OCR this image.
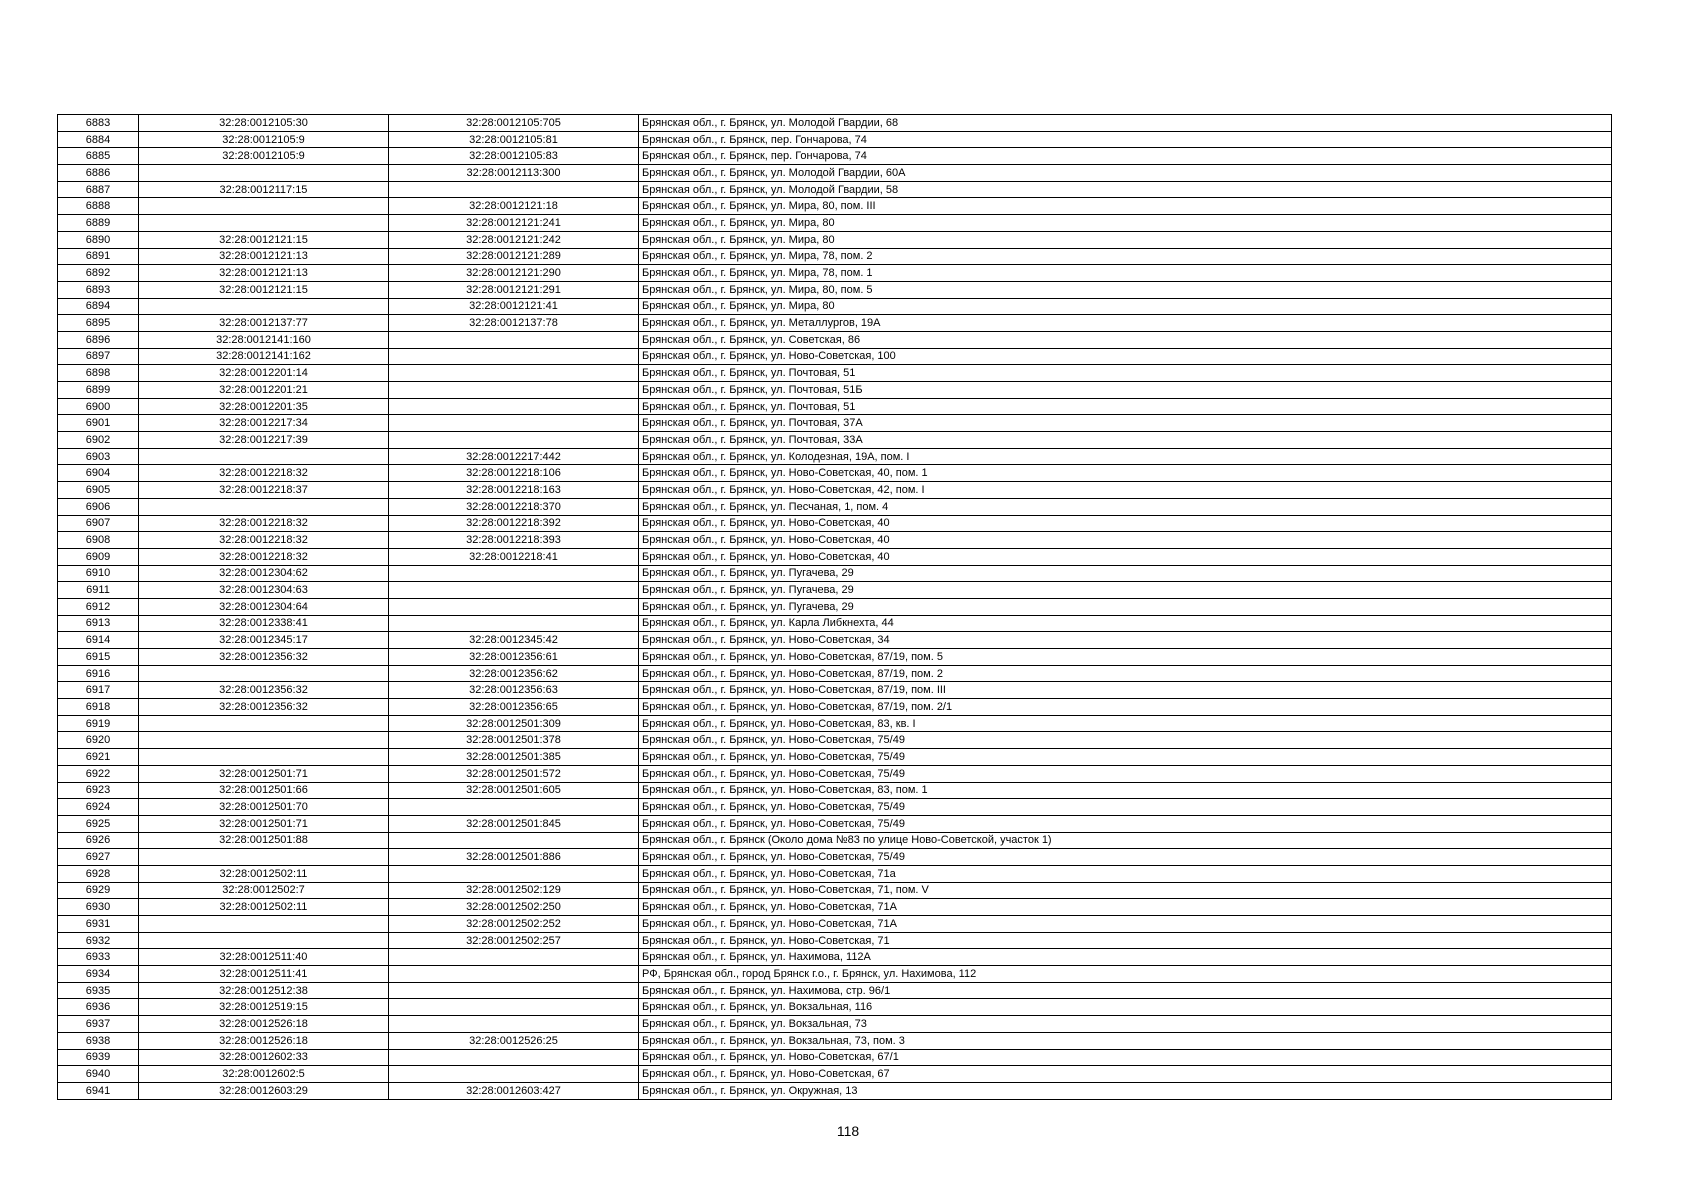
6883	32:28:0012105:30	32:28:0012105:705	Брянская обл., г. Брянск, ул. Молодой Гвардии, 68
6884	32:28:0012105:9	32:28:0012105:81	Брянская обл., г. Брянск, пер. Гончарова, 74
6885	32:28:0012105:9	32:28:0012105:83	Брянская обл., г. Брянск, пер. Гончарова, 74
6886		32:28:0012113:300	Брянская обл., г. Брянск, ул. Молодой Гвардии, 60А
6887	32:28:0012117:15		Брянская обл., г. Брянск, ул. Молодой Гвардии, 58
6888		32:28:0012121:18	Брянская обл., г. Брянск, ул. Мира, 80, пом. III
6889		32:28:0012121:241	Брянская обл., г. Брянск, ул. Мира, 80
6890	32:28:0012121:15	32:28:0012121:242	Брянская обл., г. Брянск, ул. Мира, 80
6891	32:28:0012121:13	32:28:0012121:289	Брянская обл., г. Брянск, ул. Мира, 78, пом. 2
6892	32:28:0012121:13	32:28:0012121:290	Брянская обл., г. Брянск, ул. Мира, 78, пом. 1
6893	32:28:0012121:15	32:28:0012121:291	Брянская обл., г. Брянск, ул. Мира, 80, пом. 5
6894		32:28:0012121:41	Брянская обл., г. Брянск, ул. Мира, 80
6895	32:28:0012137:77	32:28:0012137:78	Брянская обл., г. Брянск, ул. Металлургов, 19А
6896	32:28:0012141:160		Брянская обл., г. Брянск, ул. Советская, 86
6897	32:28:0012141:162		Брянская обл., г. Брянск, ул. Ново-Советская, 100
6898	32:28:0012201:14		Брянская обл., г. Брянск, ул. Почтовая, 51
6899	32:28:0012201:21		Брянская обл., г. Брянск, ул. Почтовая, 51Б
6900	32:28:0012201:35		Брянская обл., г. Брянск, ул. Почтовая, 51
6901	32:28:0012217:34		Брянская обл., г. Брянск, ул. Почтовая, 37А
6902	32:28:0012217:39		Брянская обл., г. Брянск, ул. Почтовая, 33А
6903		32:28:0012217:442	Брянская обл., г. Брянск, ул. Колодезная, 19А, пом. I
6904	32:28:0012218:32	32:28:0012218:106	Брянская обл., г. Брянск, ул. Ново-Советская, 40, пом. 1
6905	32:28:0012218:37	32:28:0012218:163	Брянская обл., г. Брянск, ул. Ново-Советская, 42, пом. I
6906		32:28:0012218:370	Брянская обл., г. Брянск, ул. Песчаная, 1, пом. 4
6907	32:28:0012218:32	32:28:0012218:392	Брянская обл., г. Брянск, ул. Ново-Советская, 40
6908	32:28:0012218:32	32:28:0012218:393	Брянская обл., г. Брянск, ул. Ново-Советская, 40
6909	32:28:0012218:32	32:28:0012218:41	Брянская обл., г. Брянск, ул. Ново-Советская, 40
6910	32:28:0012304:62		Брянская обл., г. Брянск, ул. Пугачева, 29
6911	32:28:0012304:63		Брянская обл., г. Брянск, ул. Пугачева, 29
6912	32:28:0012304:64		Брянская обл., г. Брянск, ул. Пугачева, 29
6913	32:28:0012338:41		Брянская обл., г. Брянск, ул. Карла Либкнехта, 44
6914	32:28:0012345:17	32:28:0012345:42	Брянская обл., г. Брянск, ул. Ново-Советская, 34
6915	32:28:0012356:32	32:28:0012356:61	Брянская обл., г. Брянск, ул. Ново-Советская, 87/19, пом. 5
6916		32:28:0012356:62	Брянская обл., г. Брянск, ул. Ново-Советская, 87/19, пом. 2
6917	32:28:0012356:32	32:28:0012356:63	Брянская обл., г. Брянск, ул. Ново-Советская, 87/19, пом. III
6918	32:28:0012356:32	32:28:0012356:65	Брянская обл., г. Брянск, ул. Ново-Советская, 87/19, пом. 2/1
6919		32:28:0012501:309	Брянская обл., г. Брянск, ул. Ново-Советская, 83, кв. I
6920		32:28:0012501:378	Брянская обл., г. Брянск, ул. Ново-Советская, 75/49
6921		32:28:0012501:385	Брянская обл., г. Брянск, ул. Ново-Советская, 75/49
6922	32:28:0012501:71	32:28:0012501:572	Брянская обл., г. Брянск, ул. Ново-Советская, 75/49
6923	32:28:0012501:66	32:28:0012501:605	Брянская обл., г. Брянск, ул. Ново-Советская, 83, пом. 1
6924	32:28:0012501:70		Брянская обл., г. Брянск, ул. Ново-Советская, 75/49
6925	32:28:0012501:71	32:28:0012501:845	Брянская обл., г. Брянск, ул. Ново-Советская, 75/49
6926	32:28:0012501:88		Брянская обл., г. Брянск (Около дома №83 по улице Ново-Советской, участок 1)
6927		32:28:0012501:886	Брянская обл., г. Брянск, ул. Ново-Советская, 75/49
6928	32:28:0012502:11		Брянская обл., г. Брянск, ул. Ново-Советская, 71а
6929	32:28:0012502:7	32:28:0012502:129	Брянская обл., г. Брянск, ул. Ново-Советская, 71, пом. V
6930	32:28:0012502:11	32:28:0012502:250	Брянская обл., г. Брянск, ул. Ново-Советская, 71А
6931		32:28:0012502:252	Брянская обл., г. Брянск, ул. Ново-Советская, 71А
6932		32:28:0012502:257	Брянская обл., г. Брянск, ул. Ново-Советская, 71
6933	32:28:0012511:40		Брянская обл., г. Брянск, ул. Нахимова, 112А
6934	32:28:0012511:41		РФ, Брянская обл., город Брянск г.о., г. Брянск, ул. Нахимова, 112
6935	32:28:0012512:38		Брянская обл., г. Брянск, ул. Нахимова, стр. 96/1
6936	32:28:0012519:15		Брянская обл., г. Брянск, ул. Вокзальная, 116
6937	32:28:0012526:18		Брянская обл., г. Брянск, ул. Вокзальная, 73
6938	32:28:0012526:18	32:28:0012526:25	Брянская обл., г. Брянск, ул. Вокзальная, 73, пом. 3
6939	32:28:0012602:33		Брянская обл., г. Брянск, ул. Ново-Советская, 67/1
6940	32:28:0012602:5		Брянская обл., г. Брянск, ул. Ново-Советская, 67
6941	32:28:0012603:29	32:28:0012603:427	Брянская обл., г. Брянск, ул. Окружная, 13
118
